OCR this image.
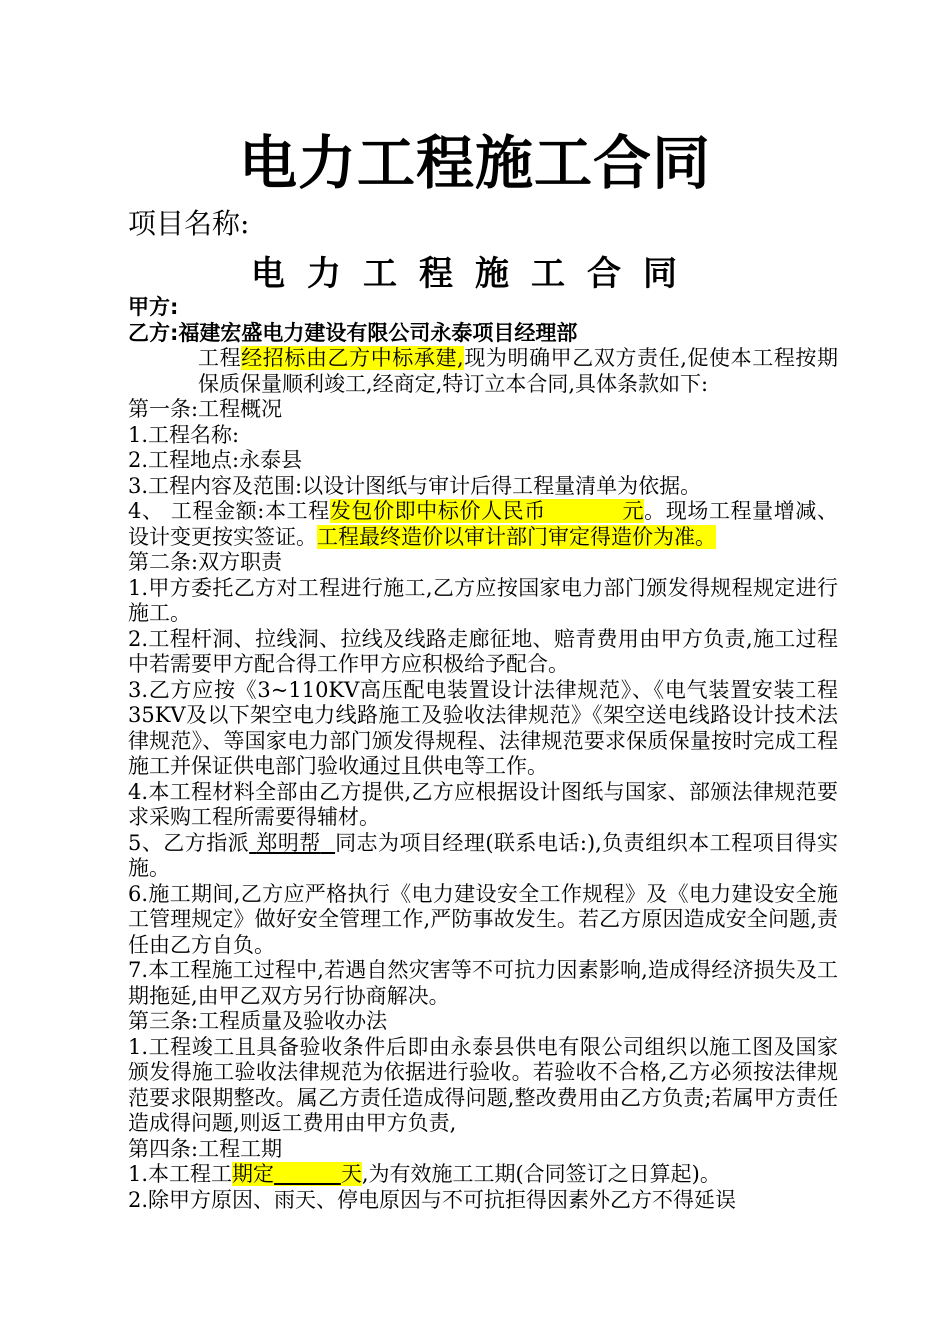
电力工程施工合同
项目名称:
电力工程施工合同
甲方:
乙方:福建宏盛电力建设有限公司永泰项目经理部

工程经招标由乙方中标承建,现为明确甲乙双方责任,促使本工程按期保质保量顺利竣工,经商定,特订立本合同,具体条款如下:

第一条:工程概况

1.工程名称:

2.工程地点:永泰县

3.工程内容及范围:以设计图纸与审计后得工程量清单为依据。

4、 工程金额:本工程发包价即中标价人民币	元。现场工程量增减、设计变更按实签证。工程最终造价以审计部门审定得造价为准。

第二条:双方职责

1.甲方委托乙方对工程进行施工,乙方应按国家电力部门颁发得规程规定进行施工。

2.工程杆洞、拉线洞、拉线及线路走廊征地、赔青费用由甲方负责,施工过程中若需要甲方配合得工作甲方应积极给予配合。

3.乙方应按《3~110KV高压配电装置设计法律规范》、《电气装置安装工程35KV及以下架空电力线路施工及验收法律规范》《架空送电线路设计技术法律规范》、等国家电力部门颁发得规程、法律规范要求保质保量按时完成工程施工并保证供电部门验收通过且供电等工作。

4.本工程材料全部由乙方提供,乙方应根据设计图纸与国家、部颁法律规范要求采购工程所需要得辅材。

5、乙方指派 郑明帮 同志为项目经理(联系电话:),负责组织本工程项目得实施。

6.施工期间,乙方应严格执行《电力建设安全工作规程》及《电力建设安全施工管理规定》做好安全管理工作,严防事故发生。若乙方原因造成安全问题,责任由乙方自负。

7.本工程施工过程中,若遇自然灾害等不可抗力因素影响,造成得经济损失及工期拖延,由甲乙双方另行协商解决。

第三条:工程质量及验收办法

1.工程竣工且具备验收条件后即由永泰县供电有限公司组织以施工图及国家颁发得施工验收法律规范为依据进行验收。若验收不合格,乙方必须按法律规范要求限期整改。属乙方责任造成得问题,整改费用由乙方负责;若属甲方责任造成得问题,则返工费用由甲方负责,

第四条:工程工期

1.本工程工期定	天,为有效施工工期(合同签订之日算起)。

2.除甲方原因、雨天、停电原因与不可抗拒得因素外乙方不得延误
